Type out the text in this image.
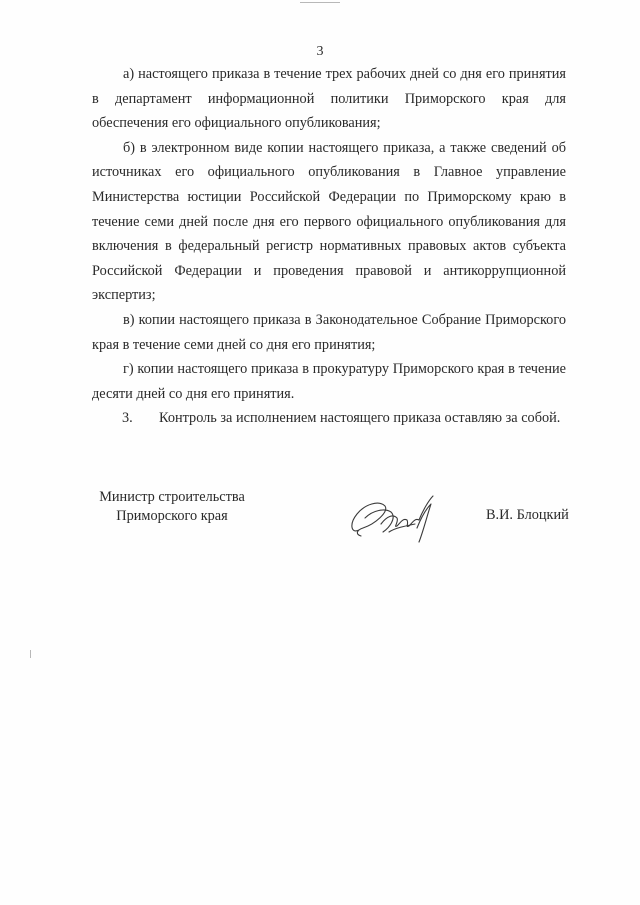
3

а) настоящего приказа в течение трех рабочих дней со дня его принятия в департамент информационной политики Приморского края для обеспечения его официального опубликования;

б) в электронном виде копии настоящего приказа, а также сведений об источниках его официального опубликования в Главное управление Министерства юстиции Российской Федерации по Приморскому краю в течение семи дней после дня его первого официального опубликования для включения в федеральный регистр нормативных правовых актов субъекта Российской Федерации и проведения правовой и антикоррупционной экспертиз;

в) копии настоящего приказа в Законодательное Собрание Приморского края в течение семи дней со дня его принятия;

г) копии настоящего приказа в прокуратуру Приморского края в течение десяти дней со дня его принятия.

3. Контроль за исполнением настоящего приказа оставляю за собой.

Министр строительства
Приморского края	В.И. Блоцкий
